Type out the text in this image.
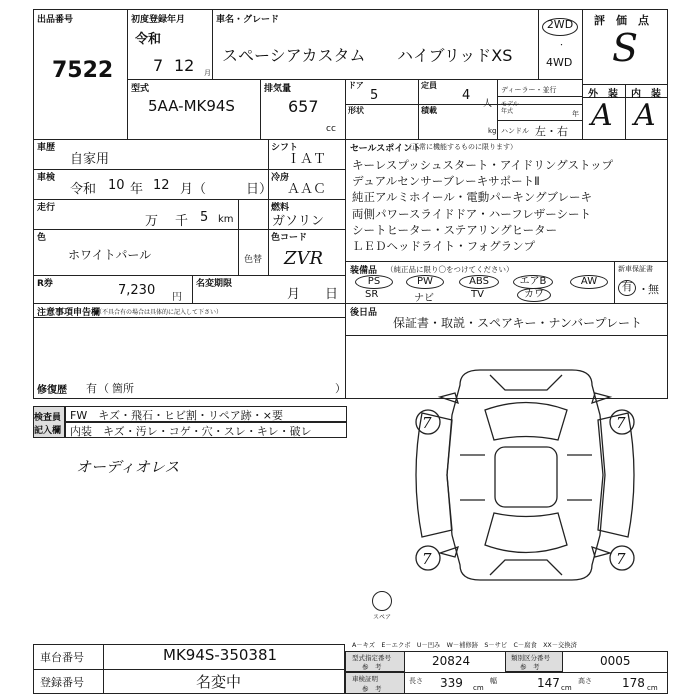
出品番号
7522
初度登録年月
令和
7 12 月
車名・グレード
スペーシアカスタム ハイブリッドXS
2WD
・
4WD
評　価　点
S
外　装 内　装
A A
型式
5AA-MK94S
排気量
657
cc
ドア
5
定員
4
人
形状	積載
kg
ディーラー・並行
モデル
年式	年
ハンドル 左・右
車歴
自家用
シフト
ＩＡＴ
車検
令和 10 年 12 月（	日）
冷房
ＡＡＣ
走行
万 千 5 km
燃料
ガソリン
色
ホワイトパール	色替
色コード
ZVR
R券	7,230 円
名変期限
月 日
注意事項申告欄
（不具合有の場合は具体的に記入して下さい）
修復歴 有 （ 箇所	）
セールスポイント
（正常に機能するものに限ります）
キーレスプッシュスタート・アイドリングストップ
デュアルセンサーブレーキサポートⅡ
純正アルミホイール・電動パーキングブレーキ
両側パワースライドドア・ハーフレザーシート
シートヒーター・ステアリングヒーター
ＬＥＤヘッドライト・フォグランプ
装備品 （純正品に限り〇をつけてください）	新車保証書
有 ・ 無
PS	PW	ABS	エアB	AW
SR	ナビ	TV	カワ
後日品
保証書・取説・スペアキー・ナンバープレート
検査員
記入欄
FW　キズ・飛石・ヒビ割・リペア跡・×要
内装　キズ・汚レ・コゲ・穴・スレ・キレ・破レ
オーディオレス
7	7
7	7
スペア
A－キズ　E－エクボ　U－凹み　W－補修跡　S－サビ　C－腐食　XX－交換済
車台番号	MK94S-350381
登録番号	名変中
型式指定番号
参　考	20824	類別区分番号
参　考	0005
車検証明
参　考
長さ 339 cm
幅	147 cm
高さ	178 cm
